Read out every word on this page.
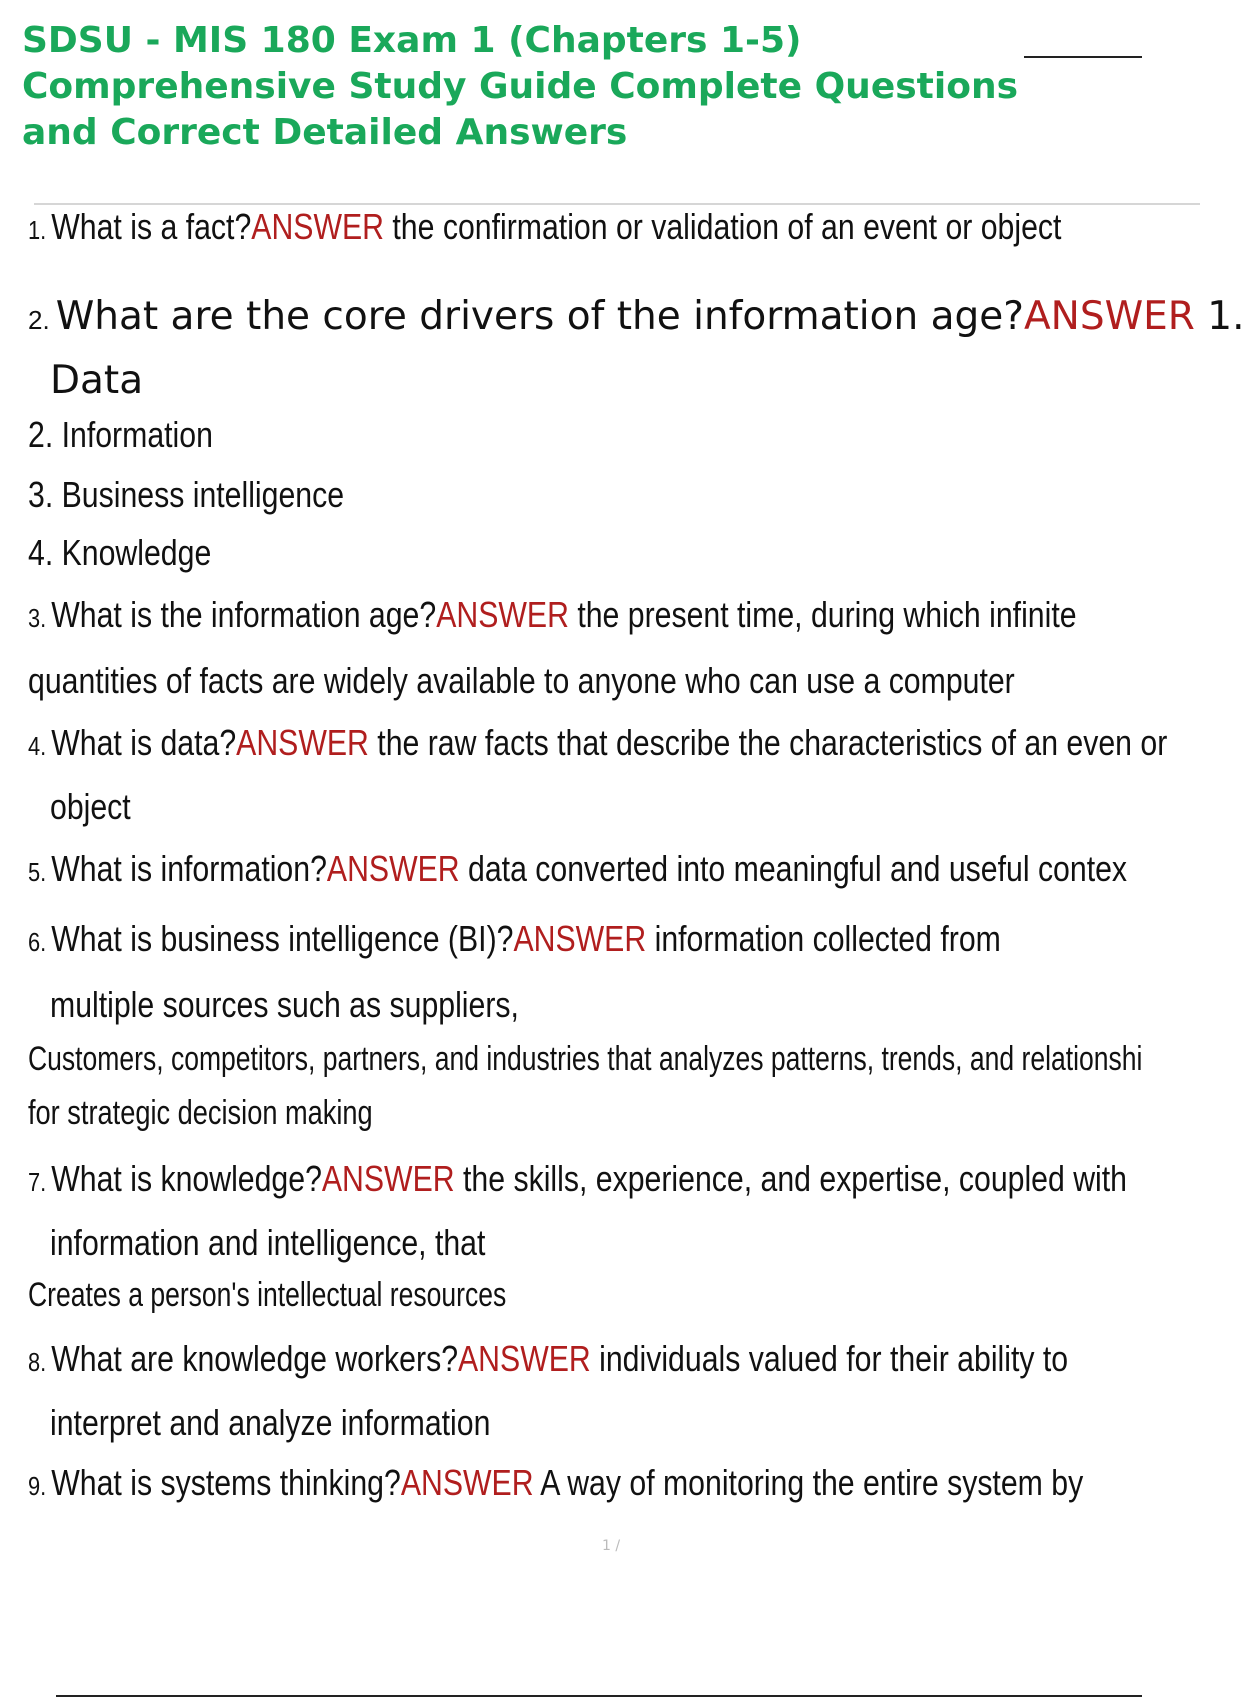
SDSU - MIS 180 Exam 1 (Chapters 1-5)
Comprehensive Study Guide Complete Questions
and Correct Detailed Answers
1. What is a fact?ANSWER the confirmation or validation of an event or object
2. What are the core drivers of the information age?ANSWER 1.
Data
2. Information
3. Business intelligence
4. Knowledge
3. What is the information age?ANSWER the present time, during which infinite
quantities of facts are widely available to anyone who can use a computer
4. What is data?ANSWER the raw facts that describe the characteristics of an even or
object
5. What is information?ANSWER data converted into meaningful and useful contex
6. What is business intelligence (BI)?ANSWER information collected from
multiple sources such as suppliers,
Customers, competitors, partners, and industries that analyzes patterns, trends, and relationshi
for strategic decision making
7. What is knowledge?ANSWER the skills, experience, and expertise, coupled with
information and intelligence, that
Creates a person's intellectual resources
8. What are knowledge workers?ANSWER individuals valued for their ability to
interpret and analyze information
9. What is systems thinking?ANSWER A way of monitoring the entire system by
1 /
